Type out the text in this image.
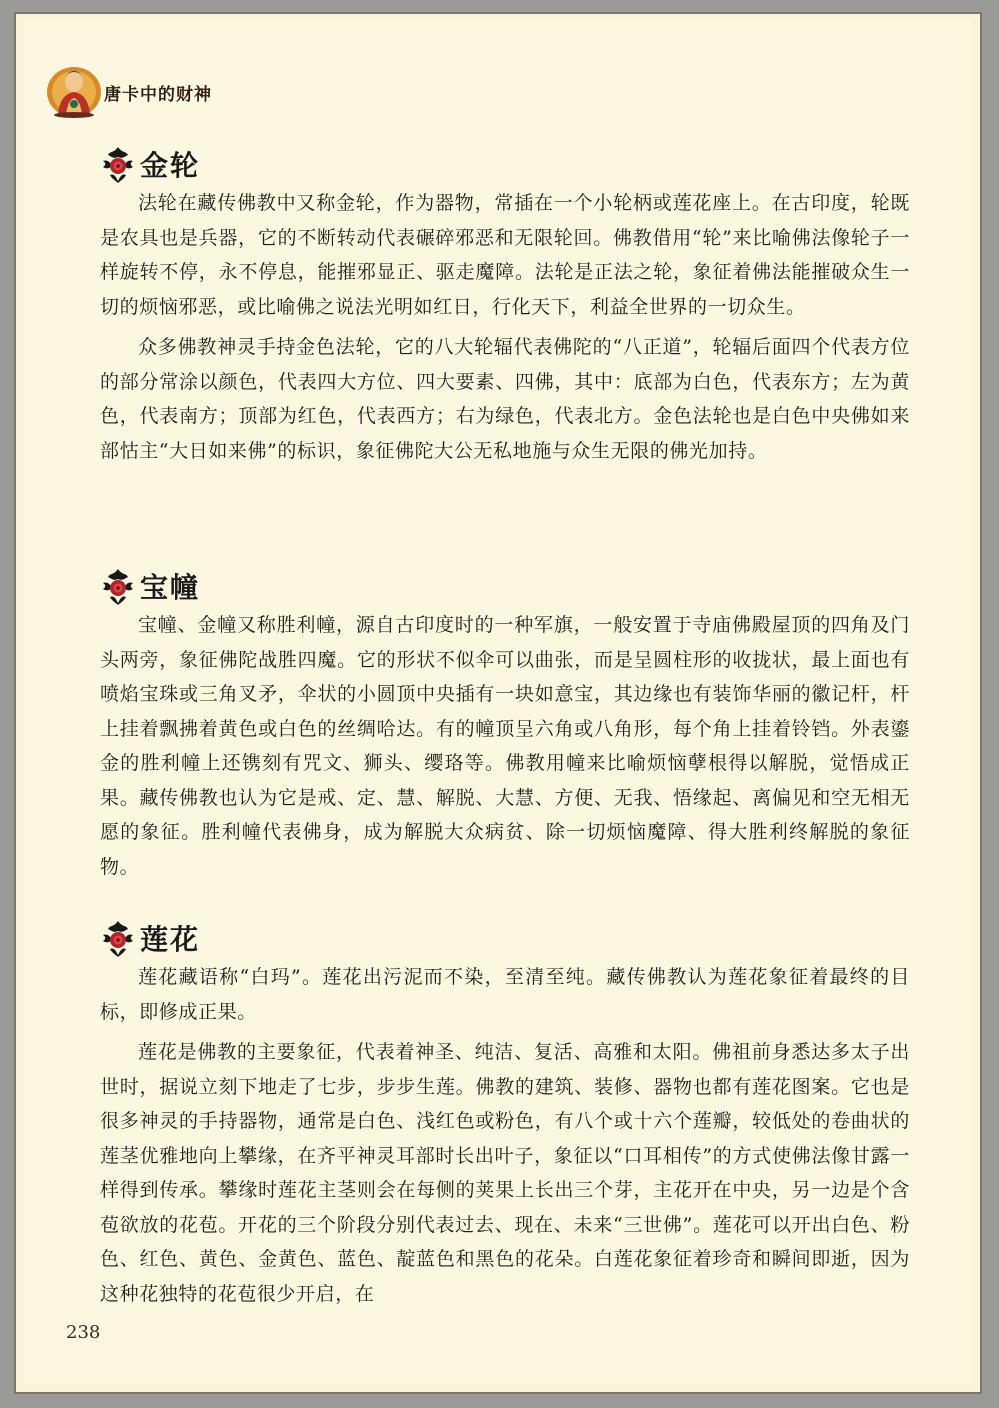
唐卡中的财神
金轮

法轮在藏传佛教中又称金轮，作为器物，常插在一个小轮柄或莲花座上。在古印度，轮既是农具也是兵器，它的不断转动代表碾碎邪恶和无限轮回。佛教借用“轮”来比喻佛法像轮子一样旋转不停，永不停息，能摧邪显正、驱走魔障。法轮是正法之轮，象征着佛法能摧破众生一切的烦恼邪恶，或比喻佛之说法光明如红日，行化天下，利益全世界的一切众生。

众多佛教神灵手持金色法轮，它的八大轮辐代表佛陀的“八正道”，轮辐后面四个代表方位的部分常涂以颜色，代表四大方位、四大要素、四佛，其中：底部为白色，代表东方；左为黄色，代表南方；顶部为红色，代表西方；右为绿色，代表北方。金色法轮也是白色中央佛如来部怙主“大日如来佛”的标识，象征佛陀大公无私地施与众生无限的佛光加持。

宝幢

宝幢、金幢又称胜利幢，源自古印度时的一种军旗，一般安置于寺庙佛殿屋顶的四角及门头两旁，象征佛陀战胜四魔。它的形状不似伞可以曲张，而是呈圆柱形的收拢状，最上面也有喷焰宝珠或三角叉矛，伞状的小圆顶中央插有一块如意宝，其边缘也有装饰华丽的徽记杆，杆上挂着飘拂着黄色或白色的丝绸哈达。有的幢顶呈六角或八角形，每个角上挂着铃铛。外表鎏金的胜利幢上还镌刻有咒文、狮头、缨珞等。佛教用幢来比喻烦恼孽根得以解脱，觉悟成正果。藏传佛教也认为它是戒、定、慧、解脱、大慧、方便、无我、悟缘起、离偏见和空无相无愿的象征。胜利幢代表佛身，成为解脱大众病贫、除一切烦恼魔障、得大胜利终解脱的象征物。

莲花

莲花藏语称“白玛”。莲花出污泥而不染，至清至纯。藏传佛教认为莲花象征着最终的目标，即修成正果。

莲花是佛教的主要象征，代表着神圣、纯洁、复活、高雅和太阳。佛祖前身悉达多太子出世时，据说立刻下地走了七步，步步生莲。佛教的建筑、装修、器物也都有莲花图案。它也是很多神灵的手持器物，通常是白色、浅红色或粉色，有八个或十六个莲瓣，较低处的卷曲状的莲茎优雅地向上攀缘，在齐平神灵耳部时长出叶子，象征以“口耳相传”的方式使佛法像甘露一样得到传承。攀缘时莲花主茎则会在每侧的荚果上长出三个芽，主花开在中央，另一边是个含苞欲放的花苞。开花的三个阶段分别代表过去、现在、未来“三世佛”。莲花可以开出白色、粉色、红色、黄色、金黄色、蓝色、靛蓝色和黑色的花朵。白莲花象征着珍奇和瞬间即逝，因为这种花独特的花苞很少开启，在

238
